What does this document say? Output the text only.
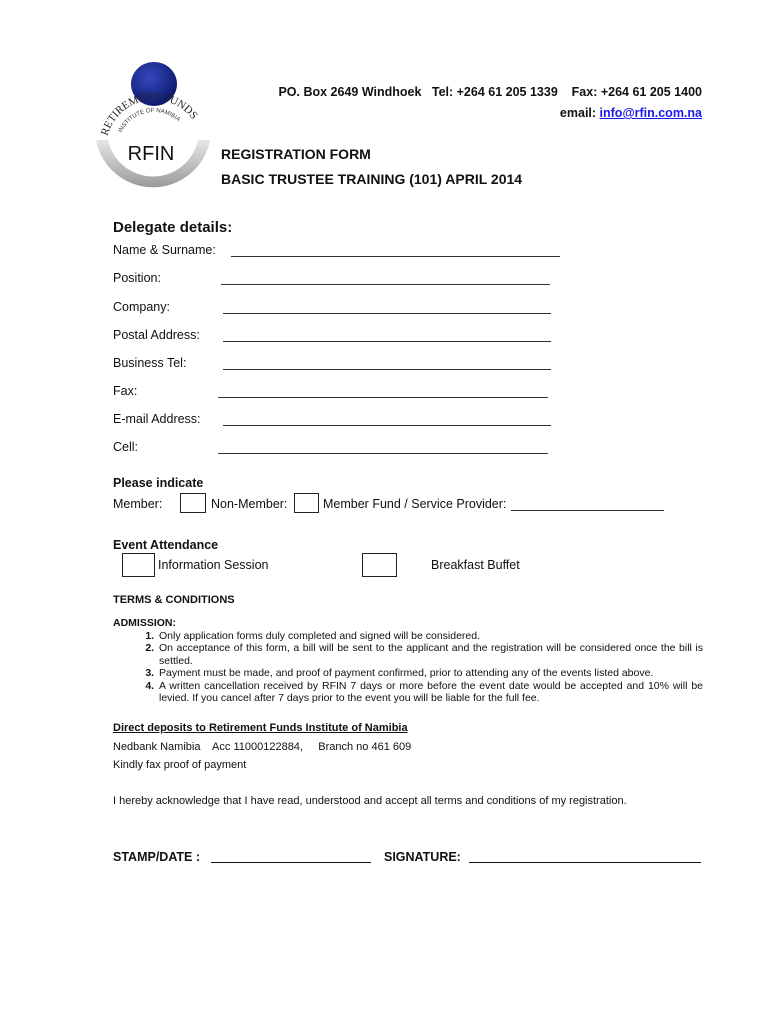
RETIREMENT FUNDS
INSTITUTE OF NAMIBIA
RFIN
PO. Box 2649 Windhoek   Tel: +264 61 205 1339    Fax: +264 61 205 1400
email: info@rfin.com.na
REGISTRATION FORM
BASIC TRUSTEE TRAINING (101) APRIL 2014
Delegate details:
Name & Surname:
Position:
Company:
Postal Address:
Business Tel:
Fax:
E-mail Address:
Cell:
Please indicate
Member:	Non-Member:	Member Fund / Service Provider:
Event Attendance
Information Session	Breakfast Buffet
TERMS & CONDITIONS
ADMISSION:
1. Only application forms duly completed and signed will be considered.
2. On acceptance of this form, a bill will be sent to the applicant and the registration will be considered once the bill is settled.
3. Payment must be made, and proof of payment confirmed, prior to attending any of the events listed above.
4. A written cancellation received by RFIN 7 days or more before the event date would be accepted and 10% will be levied. If you cancel after 7 days prior to the event you will be liable for the full fee.
Direct deposits to Retirement Funds Institute of Namibia
Nedbank Namibia    Acc 11000122884,     Branch no 461 609
Kindly fax proof of payment
I hereby acknowledge that I have read, understood and accept all terms and conditions of my registration.
STAMP/DATE :	SIGNATURE:
